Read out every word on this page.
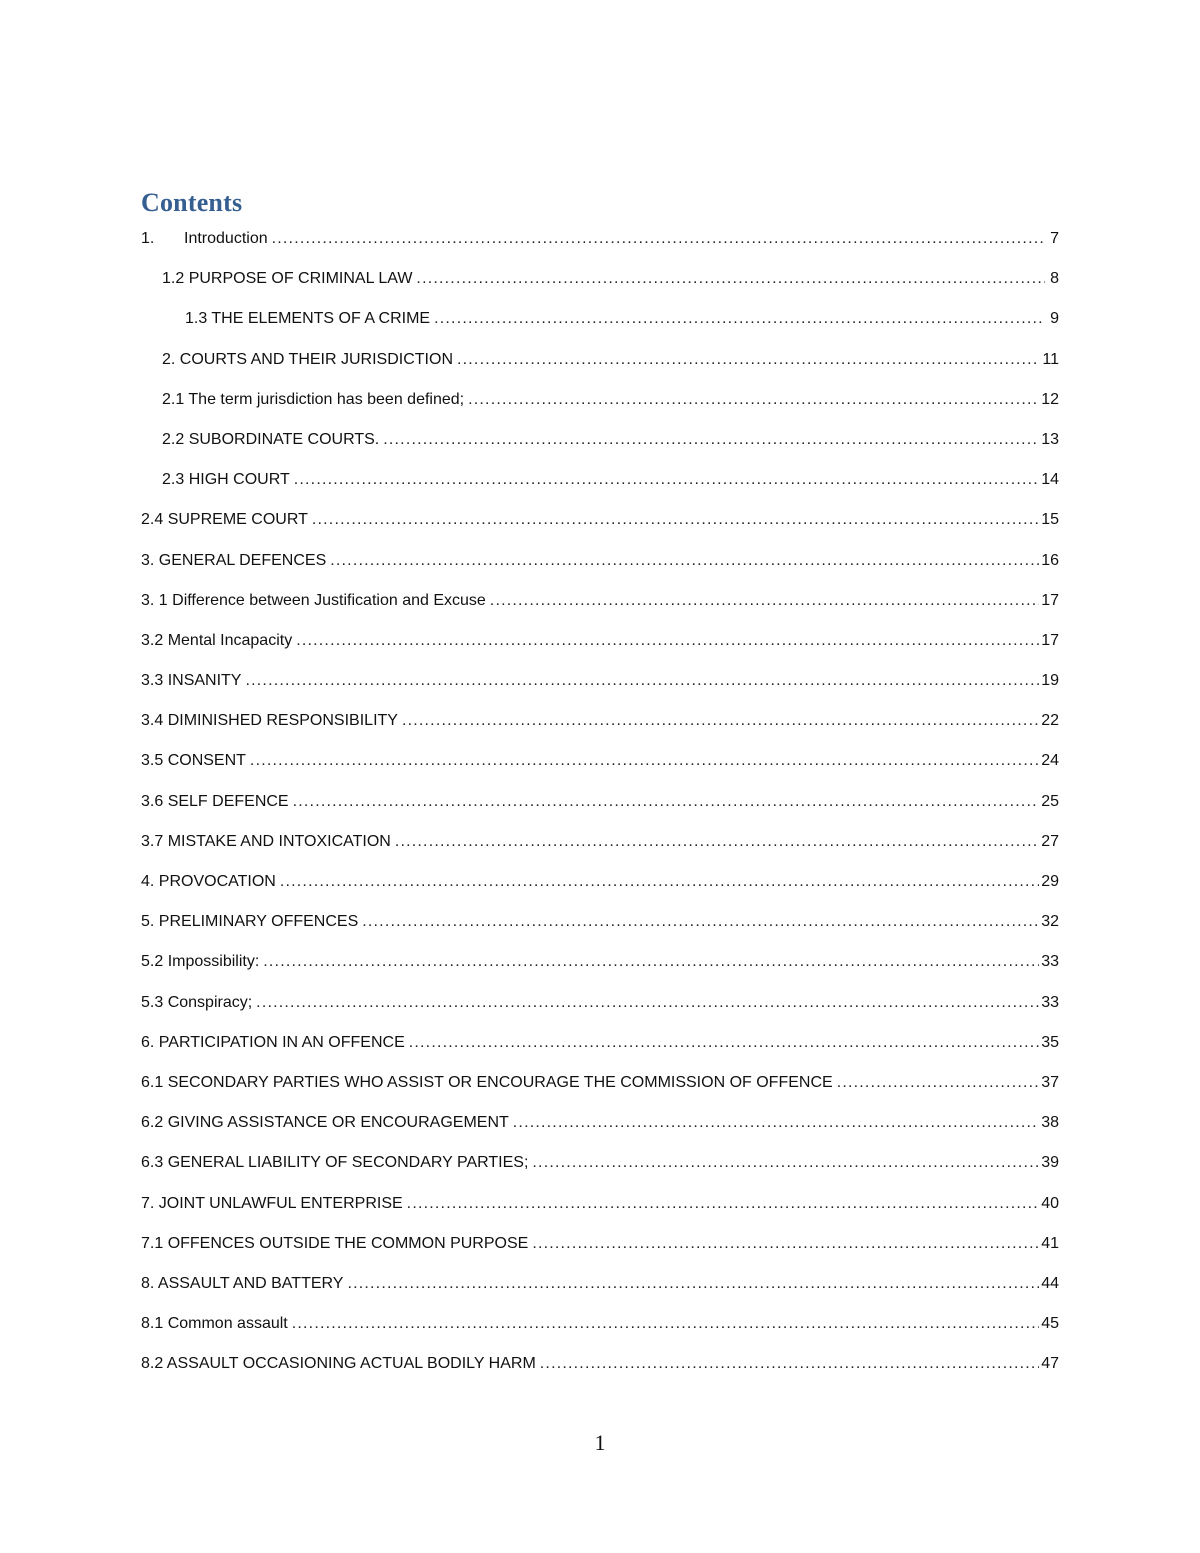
Contents
1.	Introduction .....	7
1.2 PURPOSE OF CRIMINAL LAW .....	8
1.3 THE ELEMENTS OF A CRIME .....	9
2. COURTS AND THEIR JURISDICTION .....	11
2.1 The term jurisdiction has been defined; .....	12
2.2 SUBORDINATE COURTS. .....	13
2.3 HIGH COURT .....	14
2.4 SUPREME COURT .....	15
3. GENERAL DEFENCES .....	16
3. 1 Difference between Justification and Excuse .....	17
3.2 Mental Incapacity .....	17
3.3 INSANITY .....	19
3.4 DIMINISHED RESPONSIBILITY .....	22
3.5 CONSENT .....	24
3.6 SELF DEFENCE .....	25
3.7 MISTAKE AND INTOXICATION .....	27
4. PROVOCATION .....	29
5. PRELIMINARY OFFENCES .....	32
5.2 Impossibility: .....	33
5.3 Conspiracy; .....	33
6. PARTICIPATION IN AN OFFENCE .....	35
6.1 SECONDARY PARTIES WHO ASSIST OR ENCOURAGE THE COMMISSION OF OFFENCE .....	37
6.2 GIVING ASSISTANCE OR ENCOURAGEMENT .....	38
6.3 GENERAL LIABILITY OF SECONDARY PARTIES; .....	39
7. JOINT UNLAWFUL ENTERPRISE .....	40
7.1 OFFENCES OUTSIDE THE COMMON PURPOSE .....	41
8. ASSAULT AND BATTERY .....	44
8.1 Common assault .....	45
8.2 ASSAULT OCCASIONING ACTUAL BODILY HARM .....	47
1
